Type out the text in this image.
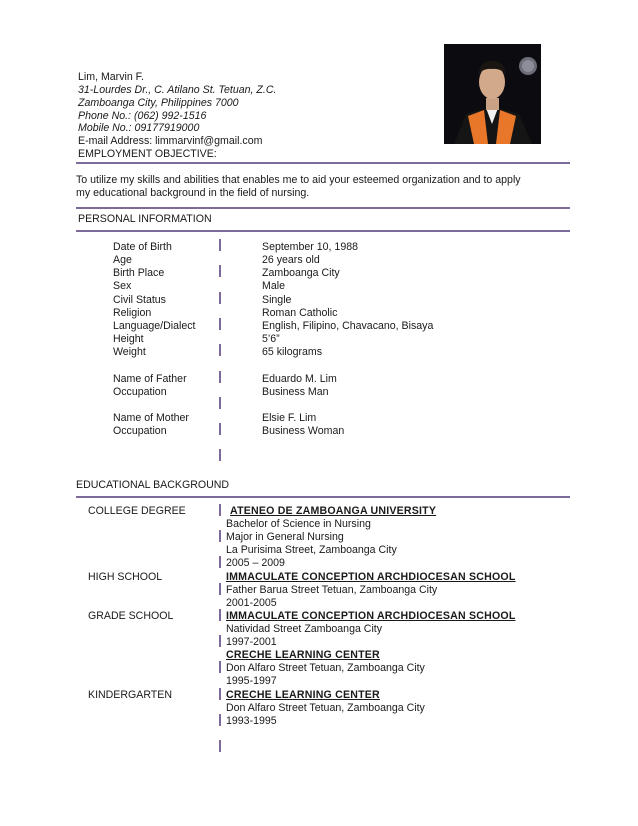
Lim, Marvin F.
31-Lourdes Dr., C. Atilano St. Tetuan, Z.C.
Zamboanga City, Philippines 7000
Phone No.: (062) 992-1516
Mobile No.: 09177919000
E-mail Address: limmarvinf@gmail.com
EMPLOYMENT OBJECTIVE:
To utilize my skills and abilities that enables me to aid your esteemed organization and to apply
my educational background in the field of nursing.
PERSONAL INFORMATION
Date of Birth	September 10, 1988
Age	26 years old
Birth Place	Zamboanga City
Sex	Male
Civil Status	Single
Religion	Roman Catholic
Language/Dialect	English, Filipino, Chavacano, Bisaya
Height	5’6”
Weight	65 kilograms
Name of Father	Eduardo M. Lim
Occupation	Business Man
Name of Mother	Elsie F. Lim
Occupation	Business Woman
EDUCATIONAL BACKGROUND
COLLEGE DEGREE	ATENEO DE ZAMBOANGA UNIVERSITY
Bachelor of Science in Nursing
Major in General Nursing
La Purisima Street, Zamboanga City
2005 – 2009
HIGH SCHOOL	IMMACULATE CONCEPTION ARCHDIOCESAN SCHOOL
Father Barua Street Tetuan, Zamboanga City
2001-2005
GRADE SCHOOL	IMMACULATE CONCEPTION ARCHDIOCESAN SCHOOL
Natividad Street Zamboanga City
1997-2001
CRECHE LEARNING CENTER
Don Alfaro Street Tetuan, Zamboanga City
1995-1997
KINDERGARTEN	CRECHE LEARNING CENTER
Don Alfaro Street Tetuan, Zamboanga City
1993-1995
